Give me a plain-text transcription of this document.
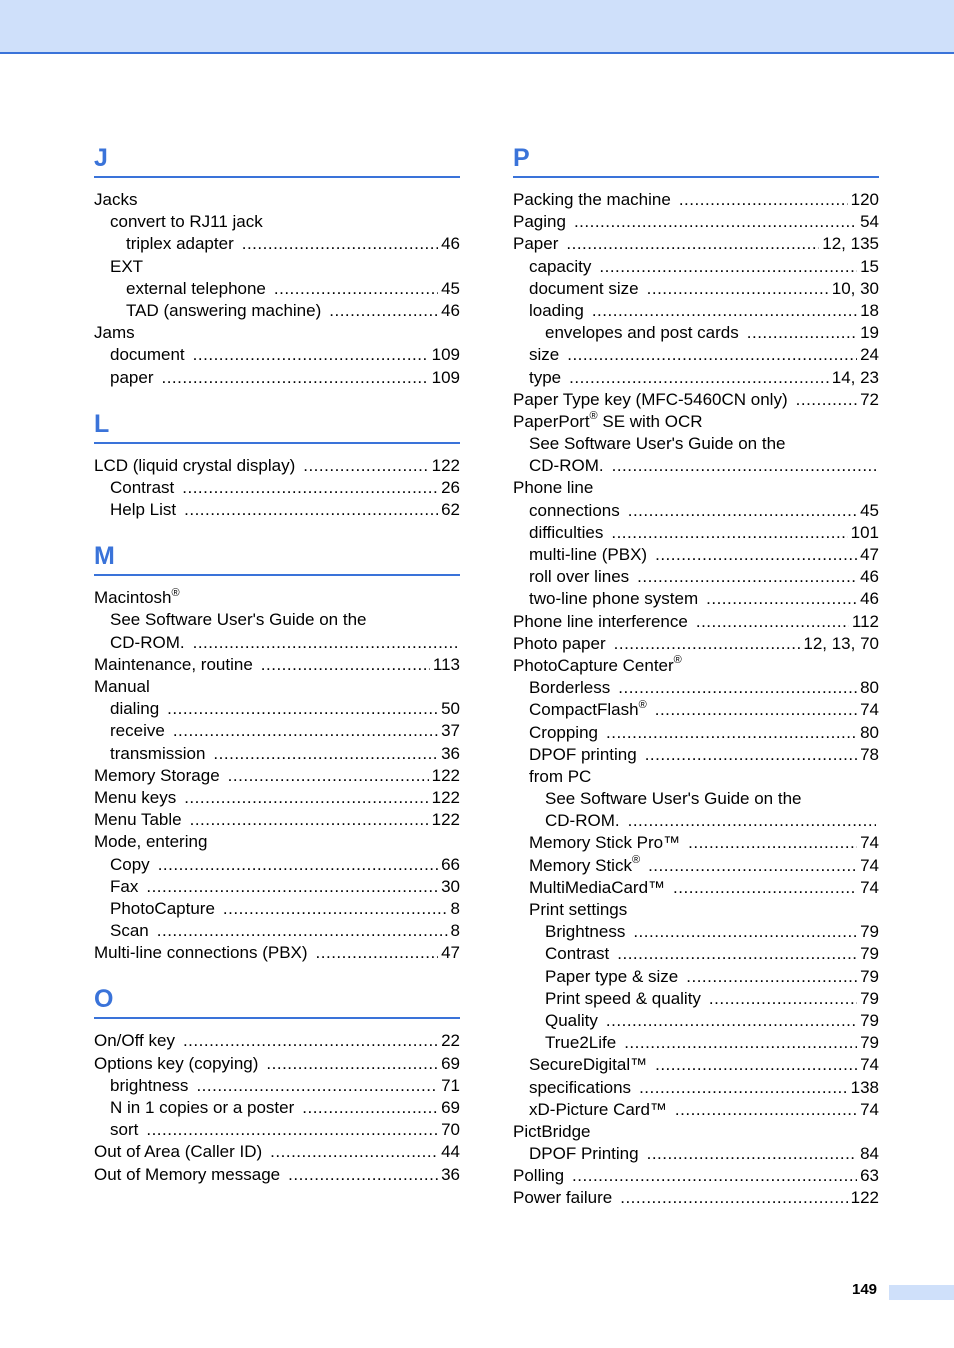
J
Jacks
convert to RJ11 jack
triplex adapter .....	46
EXT
external telephone .....	45
TAD (answering machine) .....	46
Jams
document .....	109
paper .....	109
L
LCD (liquid crystal display) .....	122
Contrast .....	26
Help List .....	62
M
Macintosh®
See Software User's Guide on the
CD-ROM.
.....
Maintenance, routine .....	113
Manual
dialing .....	50
receive .....	37
transmission .....	36
Memory Storage .....	122
Menu keys .....	122
Menu Table .....	122
Mode, entering
Copy .....	66
Fax .....	30
PhotoCapture .....	8
Scan .....	8
Multi-line connections (PBX) .....	47
O
On/Off key .....	22
Options key (copying) .....	69
brightness .....	71
N in 1 copies or a poster .....	69
sort .....	70
Out of Area (Caller ID) .....	44
Out of Memory message .....	36
P
Packing the machine .....	120
Paging .....	54
Paper .....	12, 135
capacity .....	15
document size .....	10, 30
loading .....	18
envelopes and post cards .....	19
size .....	24
type .....	14, 23
Paper Type key (MFC-5460CN only) .....	72
PaperPort® SE with OCR
See Software User's Guide on the
CD-ROM.
.....
Phone line
connections .....	45
difficulties .....	101
multi-line (PBX) .....	47
roll over lines .....	46
two-line phone system .....	46
Phone line interference .....	112
Photo paper .....	12, 13, 70
PhotoCapture Center®
Borderless .....	80
CompactFlash® .....	74
Cropping .....	80
DPOF printing .....	78
from PC
See Software User's Guide on the
CD-ROM.
.....
Memory Stick Pro™ .....	74
Memory Stick® .....	74
MultiMediaCard™ .....	74
Print settings
Brightness .....	79
Contrast .....	79
Paper type & size .....	79
Print speed & quality .....	79
Quality .....	79
True2Life .....	79
SecureDigital™ .....	74
specifications .....	138
xD-Picture Card™ .....	74
PictBridge
DPOF Printing .....	84
Polling .....	63
Power failure .....	122
149
